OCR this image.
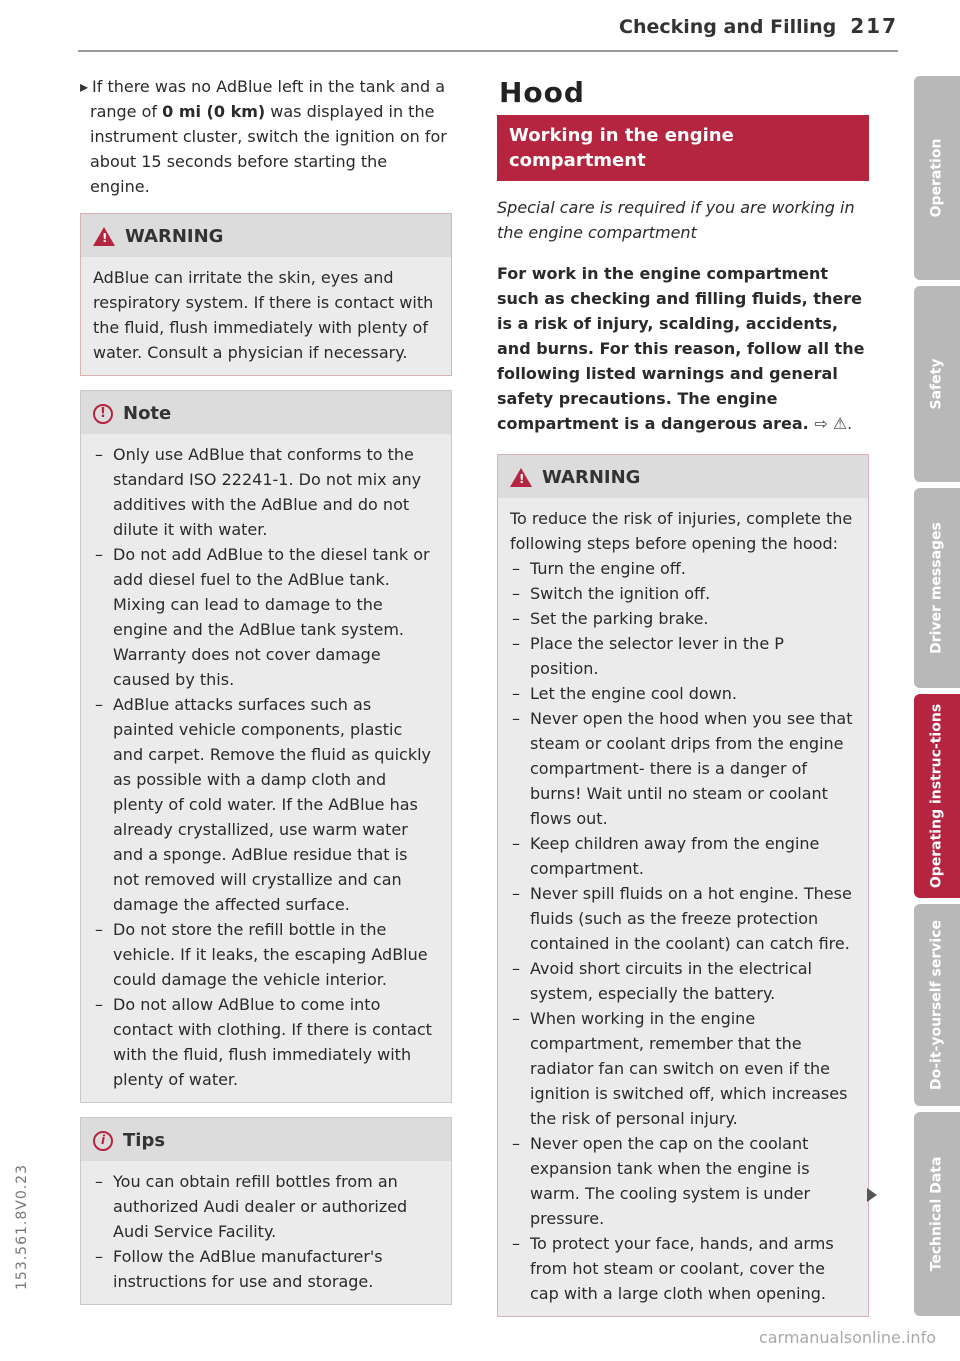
Checking and Filling 217

▸ If there was no AdBlue left in the tank and a range of 0 mi (0 km) was displayed in the instrument cluster, switch the ignition on for about 15 seconds before starting the engine.

!
WARNING

AdBlue can irritate the skin, eyes and respiratory system. If there is contact with the fluid, flush immediately with plenty of water. Consult a physician if necessary.

! Note
– Only use AdBlue that conforms to the standard ISO 22241-1. Do not mix any additives with the AdBlue and do not dilute it with water.
– Do not add AdBlue to the diesel tank or add diesel fuel to the AdBlue tank. Mixing can lead to damage to the engine and the AdBlue tank system. Warranty does not cover damage caused by this.
– AdBlue attacks surfaces such as painted vehicle components, plastic and carpet. Remove the fluid as quickly as possible with a damp cloth and plenty of cold water. If the AdBlue has already crystallized, use warm water and a sponge. AdBlue residue that is not removed will crystallize and can damage the affected surface.
– Do not store the refill bottle in the vehicle. If it leaks, the escaping AdBlue could damage the vehicle interior.
– Do not allow AdBlue to come into contact with clothing. If there is contact with the fluid, flush immediately with plenty of water.
i Tips
– You can obtain refill bottles from an authorized Audi dealer or authorized Audi Service Facility.
– Follow the AdBlue manufacturer's instructions for use and storage.
Hood
Working in the engine compartment

Special care is required if you are working in the engine compartment

For work in the engine compartment such as checking and filling fluids, there is a risk of injury, scalding, accidents, and burns. For this reason, follow all the following listed warnings and general safety precautions. The engine compartment is a dangerous area. ⇨ ⚠.

!
WARNING

To reduce the risk of injuries, complete the following steps before opening the hood:

– Turn the engine off.
– Switch the ignition off.
– Set the parking brake.
– Place the selector lever in the P position.
– Let the engine cool down.
– Never open the hood when you see that steam or coolant drips from the engine compartment- there is a danger of burns! Wait until no steam or coolant flows out.
– Keep children away from the engine compartment.
– Never spill fluids on a hot engine. These fluids (such as the freeze protection contained in the coolant) can catch fire.
– Avoid short circuits in the electrical system, especially the battery.
– When working in the engine compartment, remember that the radiator fan can switch on even if the ignition is switched off, which increases the risk of personal injury.
– Never open the cap on the coolant expansion tank when the engine is warm. The cooling system is under pressure.
– To protect your face, hands, and arms from hot steam or coolant, cover the cap with a large cloth when opening.
Operation
Safety
Driver messages
Operating instruc-tions
Do-it-yourself service
Technical Data
153.561.8V0.23
carmanualsonline.info
